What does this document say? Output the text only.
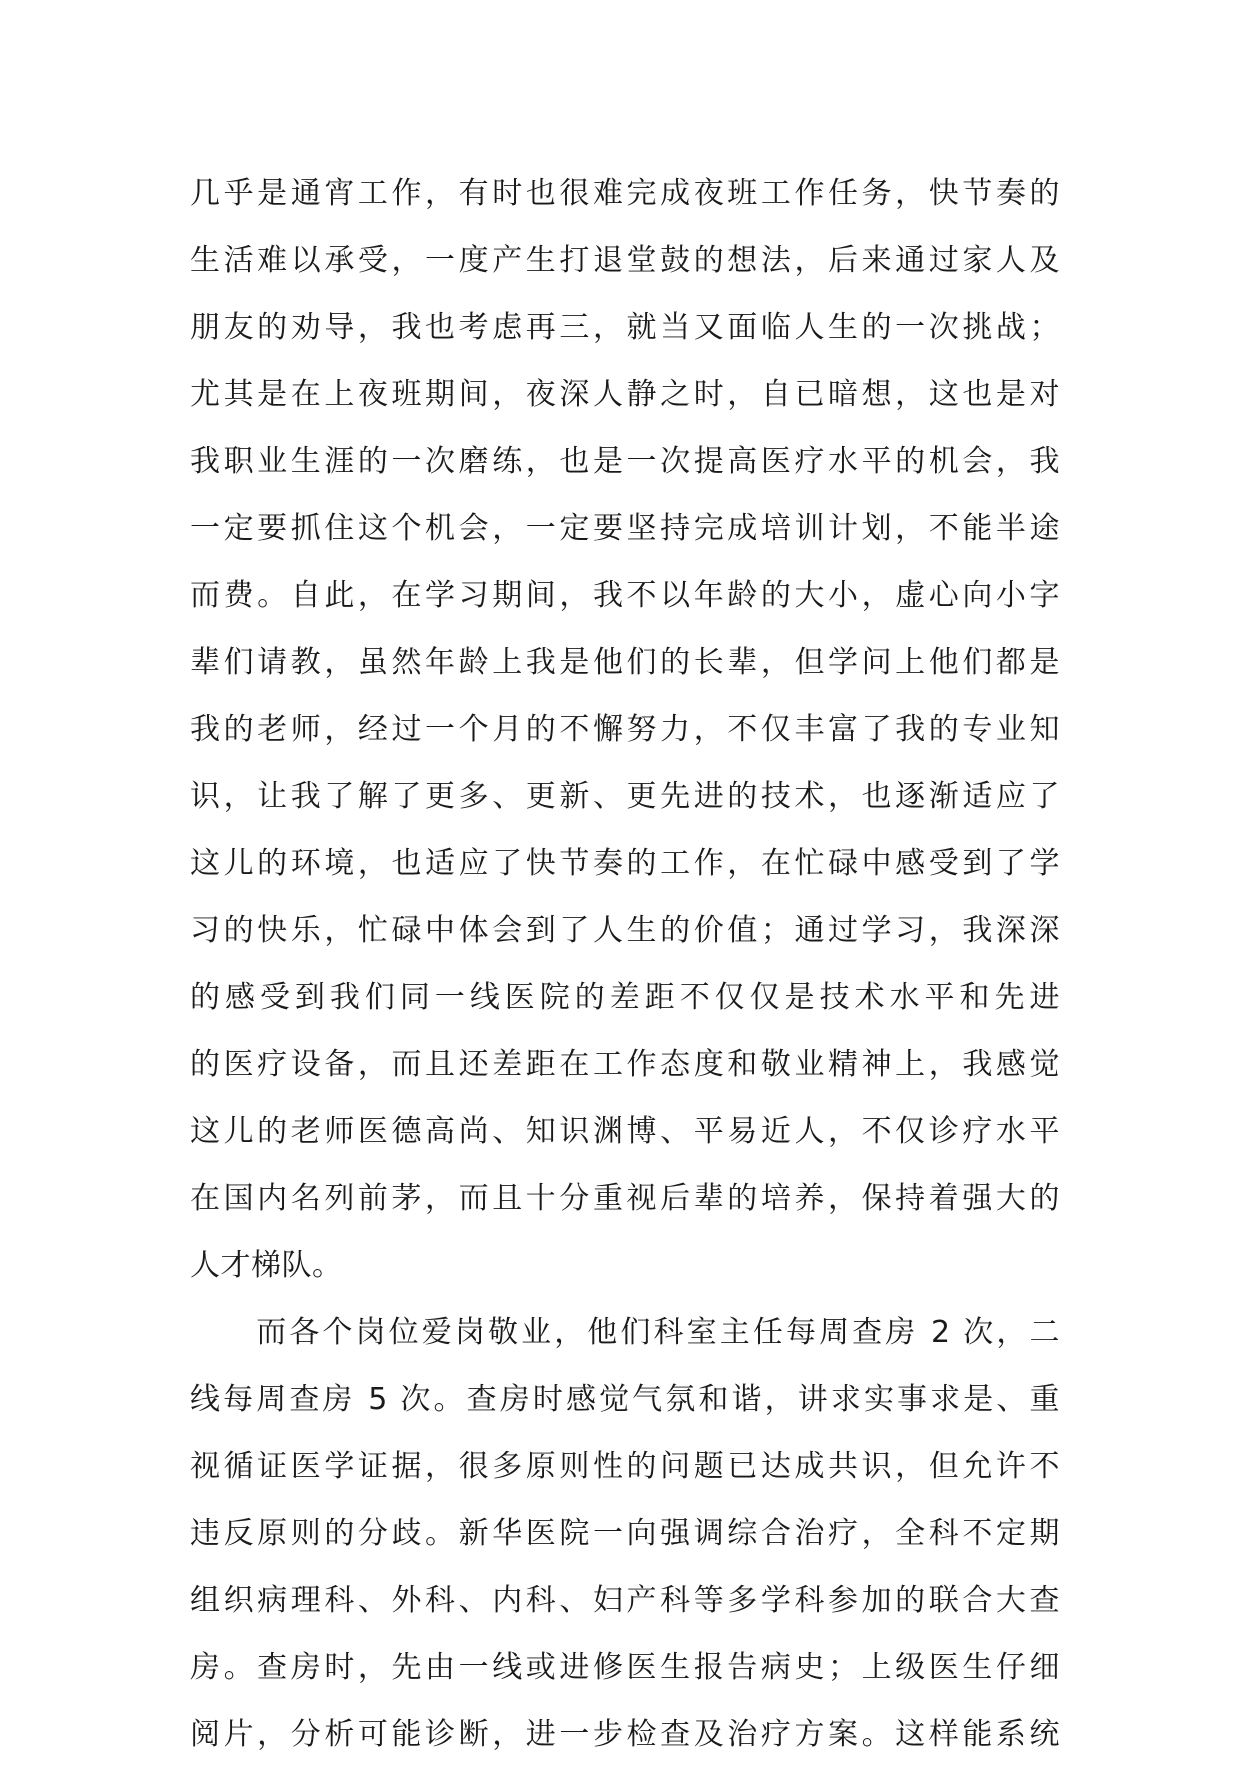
几乎是通宵工作，有时也很难完成夜班工作任务，快节奏的
生活难以承受，一度产生打退堂鼓的想法，后来通过家人及
朋友的劝导，我也考虑再三，就当又面临人生的一次挑战；
尤其是在上夜班期间，夜深人静之时，自已暗想，这也是对
我职业生涯的一次磨练，也是一次提高医疗水平的机会，我
一定要抓住这个机会，一定要坚持完成培训计划，不能半途
而费。自此，在学习期间，我不以年龄的大小，虚心向小字
辈们请教，虽然年龄上我是他们的长辈，但学问上他们都是
我的老师，经过一个月的不懈努力，不仅丰富了我的专业知
识，让我了解了更多、更新、更先进的技术，也逐渐适应了
这儿的环境，也适应了快节奏的工作，在忙碌中感受到了学
习的快乐，忙碌中体会到了人生的价值；通过学习，我深深
的感受到我们同一线医院的差距不仅仅是技术水平和先进
的医疗设备，而且还差距在工作态度和敬业精神上，我感觉
这儿的老师医德高尚、知识渊博、平易近人，不仅诊疗水平
在国内名列前茅，而且十分重视后辈的培养，保持着强大的
人才梯队。
　　而各个岗位爱岗敬业，他们科室主任每周查房 2 次，二
线每周查房 5 次。查房时感觉气氛和谐，讲求实事求是、重
视循证医学证据，很多原则性的问题已达成共识，但允许不
违反原则的分歧。新华医院一向强调综合治疗，全科不定期
组织病理科、外科、内科、妇产科等多学科参加的联合大查
房。查房时，先由一线或进修医生报告病史；上级医生仔细
阅片，分析可能诊断，进一步检查及治疗方案。这样能系统
